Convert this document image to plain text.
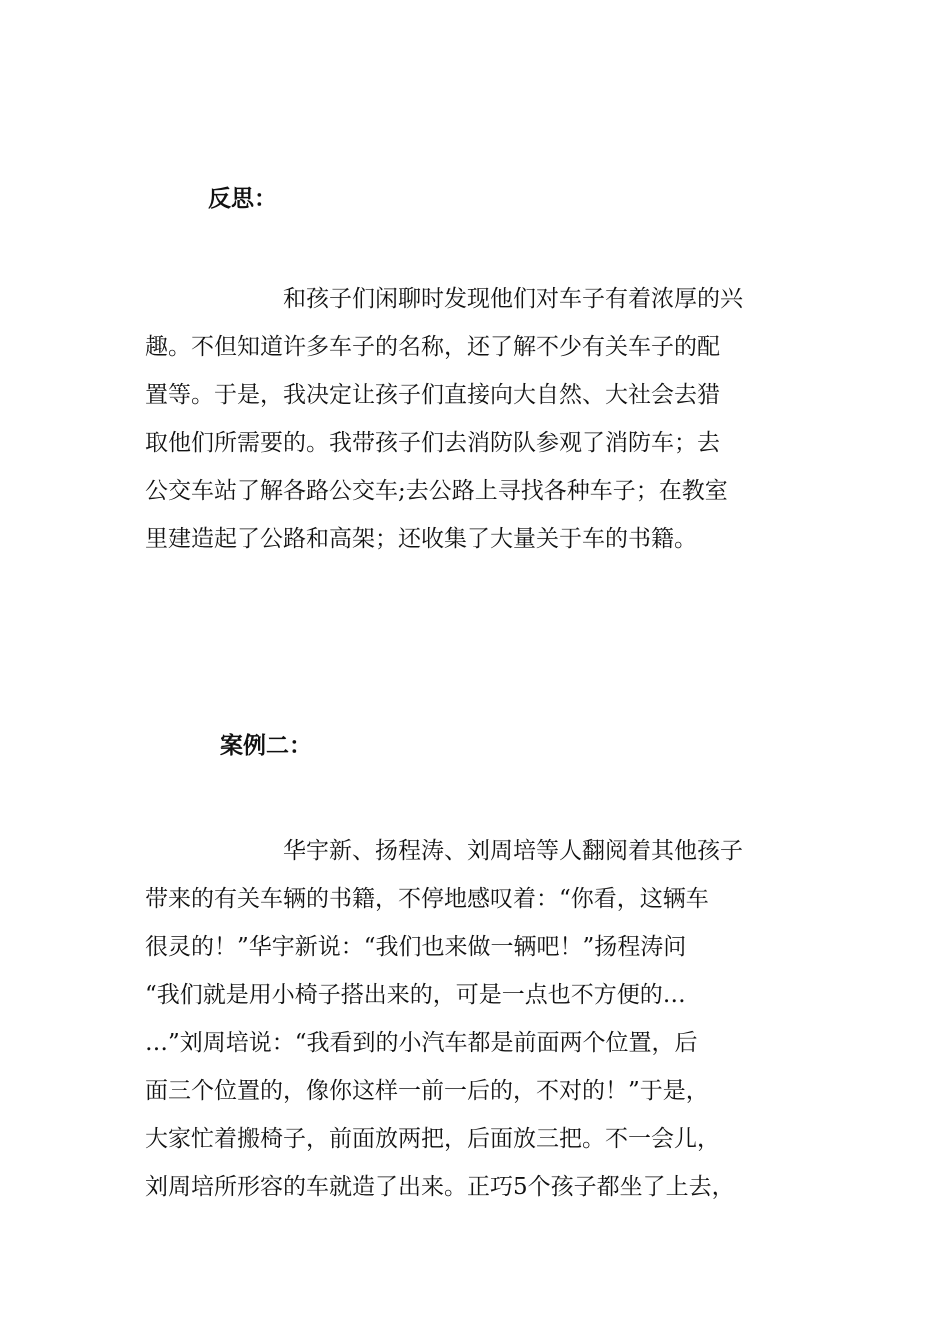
反思：
和孩子们闲聊时发现他们对车子有着浓厚的兴
趣。不但知道许多车子的名称，还了解不少有关车子的配
置等。于是，我决定让孩子们直接向大自然、大社会去猎
取他们所需要的。我带孩子们去消防队参观了消防车；去
公交车站了解各路公交车;去公路上寻找各种车子；在教室
里建造起了公路和高架；还收集了大量关于车的书籍。
案例二：
华宇新、扬程涛、刘周培等人翻阅着其他孩子
带来的有关车辆的书籍，不停地感叹着：“你看，这辆车
很灵的！”华宇新说：“我们也来做一辆吧！”扬程涛问
“我们就是用小椅子搭出来的，可是一点也不方便的…
…”刘周培说：“我看到的小汽车都是前面两个位置，后
面三个位置的，像你这样一前一后的，不对的！”于是，
大家忙着搬椅子，前面放两把，后面放三把。不一会儿，
刘周培所形容的车就造了出来。正巧5个孩子都坐了上去，
